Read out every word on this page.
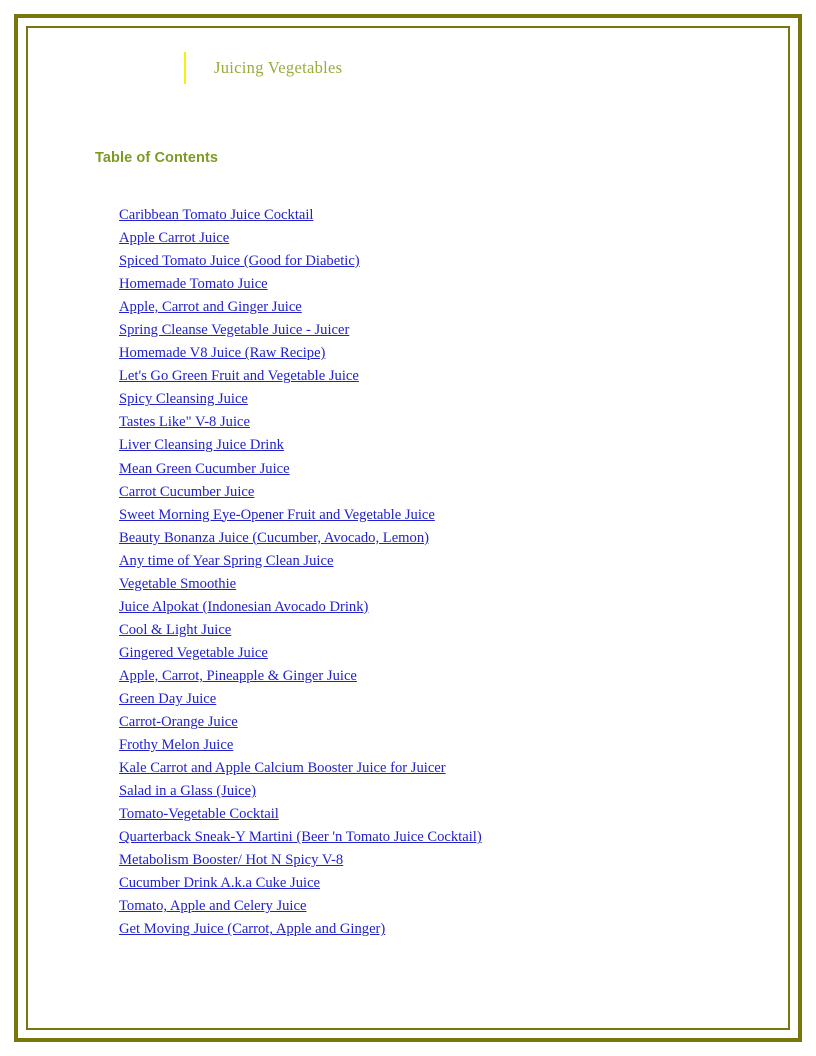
Juicing Vegetables
Table of Contents
Caribbean Tomato Juice Cocktail
Apple Carrot Juice
Spiced Tomato Juice (Good for Diabetic)
Homemade Tomato Juice
Apple, Carrot and Ginger Juice
Spring Cleanse Vegetable Juice - Juicer
Homemade V8 Juice (Raw Recipe)
Let's Go Green Fruit and Vegetable Juice
Spicy Cleansing Juice
Tastes Like" V-8 Juice
Liver Cleansing Juice Drink
Mean Green Cucumber Juice
Carrot Cucumber Juice
Sweet Morning Eye-Opener Fruit and Vegetable Juice
Beauty Bonanza Juice (Cucumber, Avocado, Lemon)
Any time of Year Spring Clean Juice
Vegetable Smoothie
Juice Alpokat (Indonesian Avocado Drink)
Cool & Light Juice
Gingered Vegetable Juice
Apple, Carrot, Pineapple & Ginger Juice
Green Day Juice
Carrot-Orange Juice
Frothy Melon Juice
Kale Carrot and Apple Calcium Booster Juice for Juicer
Salad in a Glass (Juice)
Tomato-Vegetable Cocktail
Quarterback Sneak-Y Martini (Beer 'n Tomato Juice Cocktail)
Metabolism Booster/ Hot N Spicy V-8
Cucumber Drink A.k.a Cuke Juice
Tomato, Apple and Celery Juice
Get Moving Juice (Carrot, Apple and Ginger)
